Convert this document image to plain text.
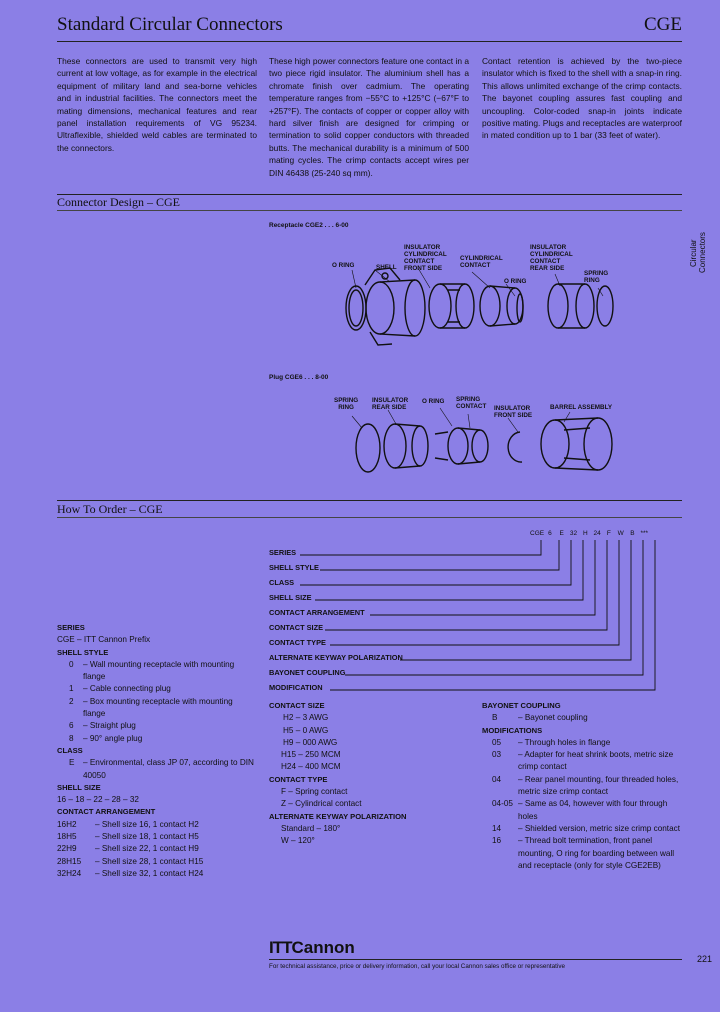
Standard Circular Connectors	CGE
These connectors are used to transmit very high current at low voltage, as for example in the electrical equipment of military land and sea-borne vehicles and in industrial facilities. The connectors meet the mating dimensions, mechanical features and rear panel installation requirements of VG 95234. Ultraflexible, shielded weld cables are terminated to the connectors.
These high power connectors feature one contact in a two piece rigid insulator. The aluminium shell has a chromate finish over cadmium. The operating temperature ranges from −55°C to +125°C (−67°F to +257°F). The contacts of copper or copper alloy with hard silver finish are designed for crimping or termination to solid copper conductors with threaded butts. The mechanical durability is a minimum of 500 mating cycles. The crimp contacts accept wires per DIN 46438 (25-240 sq mm).
Contact retention is achieved by the two-piece insulator which is fixed to the shell with a snap-in ring. This allows unlimited exchange of the crimp contacts. The bayonet coupling assures fast coupling and uncoupling. Color-coded snap-in joints indicate positive mating. Plugs and receptacles are waterproof in mated condition up to 1 bar (33 feet of water).
Circular Connectors
Connector Design – CGE
Receptacle CGE2 . . . 6-00
O RING	SHELL
INSULATOR
CYLINDRICAL
CONTACT
FRONT SIDE
CYLINDRICAL
CONTACT
O RING
INSULATOR
CYLINDRICAL
CONTACT
REAR SIDE
SPRING
RING
Plug CGE6 . . . 8-00
SPRING
RING
INSULATOR
REAR SIDE
O RING SPRING
CONTACT INSULATOR
FRONT SIDE
BARREL ASSEMBLY
How To Order – CGE
CGE 6 E 32 H 24 F W B ***
SERIES
SHELL STYLE
CLASS
SHELL SIZE
CONTACT ARRANGEMENT
CONTACT SIZE
CONTACT TYPE
ALTERNATE KEYWAY POLARIZATION
BAYONET COUPLING
MODIFICATION
SERIES
CGE – ITT Cannon Prefix
SHELL STYLE
0	– Wall mounting receptacle with mounting flange
1	– Cable connecting plug
2	– Box mounting receptacle with mounting flange
6	– Straight plug
8	– 90° angle plug
CLASS
E	– Environmental, class JP 07, according to DIN 40050
SHELL SIZE
16 – 18 – 22 – 28 – 32
CONTACT ARRANGEMENT
16H2	– Shell size 16, 1 contact H2
18H5	– Shell size 18, 1 contact H5
22H9	– Shell size 22, 1 contact H9
28H15	– Shell size 28, 1 contact H15
32H24	– Shell size 32, 1 contact H24
CONTACT SIZE
H2 – 3 AWG
H5 – 0 AWG
H9 – 000 AWG
H15 – 250 MCM
H24 – 400 MCM
CONTACT TYPE
F – Spring contact
Z – Cylindrical contact
ALTERNATE KEYWAY POLARIZATION
Standard – 180°
W – 120°
BAYONET COUPLING
B	– Bayonet coupling
MODIFICATIONS
05	– Through holes in flange
03	– Adapter for heat shrink boots, metric size crimp contact
04	– Rear panel mounting, four threaded holes, metric size crimp contact
04-05 – Same as 04, however with four through holes
14	– Shielded version, metric size crimp contact
16	– Thread bolt termination, front panel mounting, O ring for boarding between wall and receptacle (only for style CGE2EB)
ITTCannon
For technical assistance, price or delivery information, call your local Cannon sales office or representative
221
